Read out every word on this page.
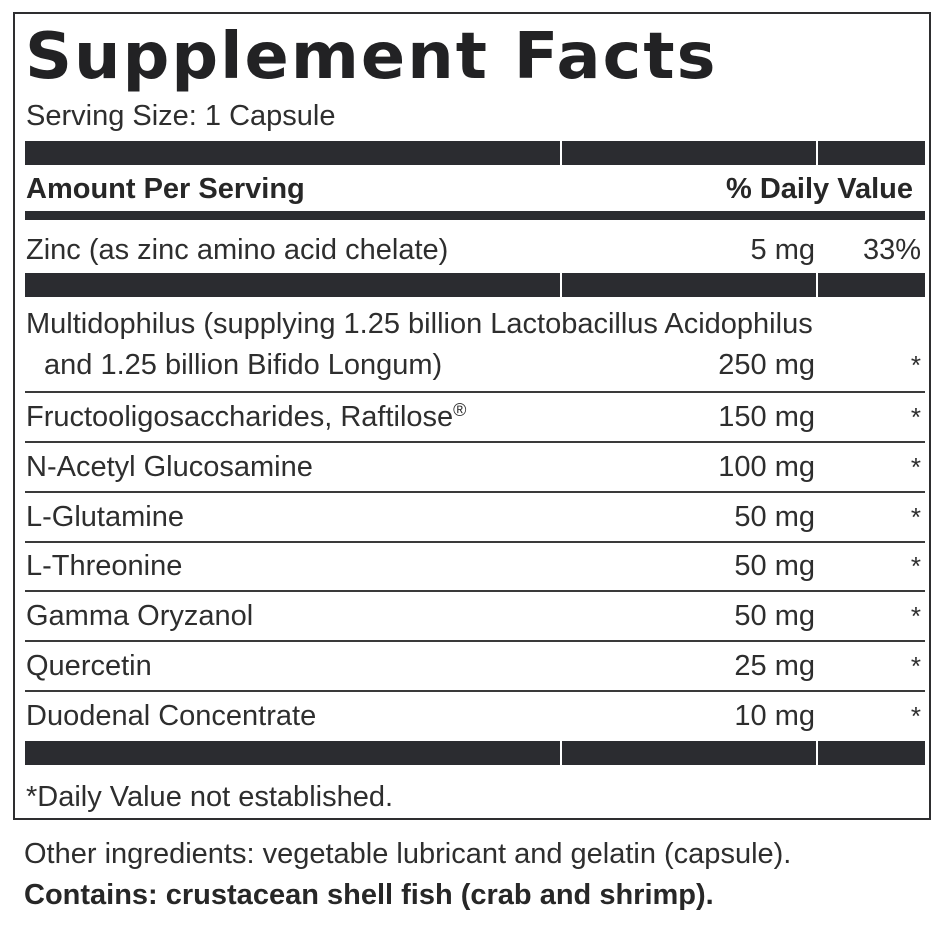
Supplement Facts
Serving Size: 1 Capsule
Amount Per Serving	% Daily Value
Zinc (as zinc amino acid chelate)	5 mg 33%
Multidophilus (supplying 1.25 billion Lactobacillus Acidophilus
and 1.25 billion Bifido Longum)	250 mg	*
Fructooligosaccharides, Raftilose®	150 mg	*
N-Acetyl Glucosamine	100 mg	*
L-Glutamine	50 mg	*
L-Threonine	50 mg	*
Gamma Oryzanol	50 mg	*
Quercetin	25 mg	*
Duodenal Concentrate	10 mg	*
*Daily Value not established.
Other ingredients: vegetable lubricant and gelatin (capsule).
Contains: crustacean shell fish (crab and shrimp).
